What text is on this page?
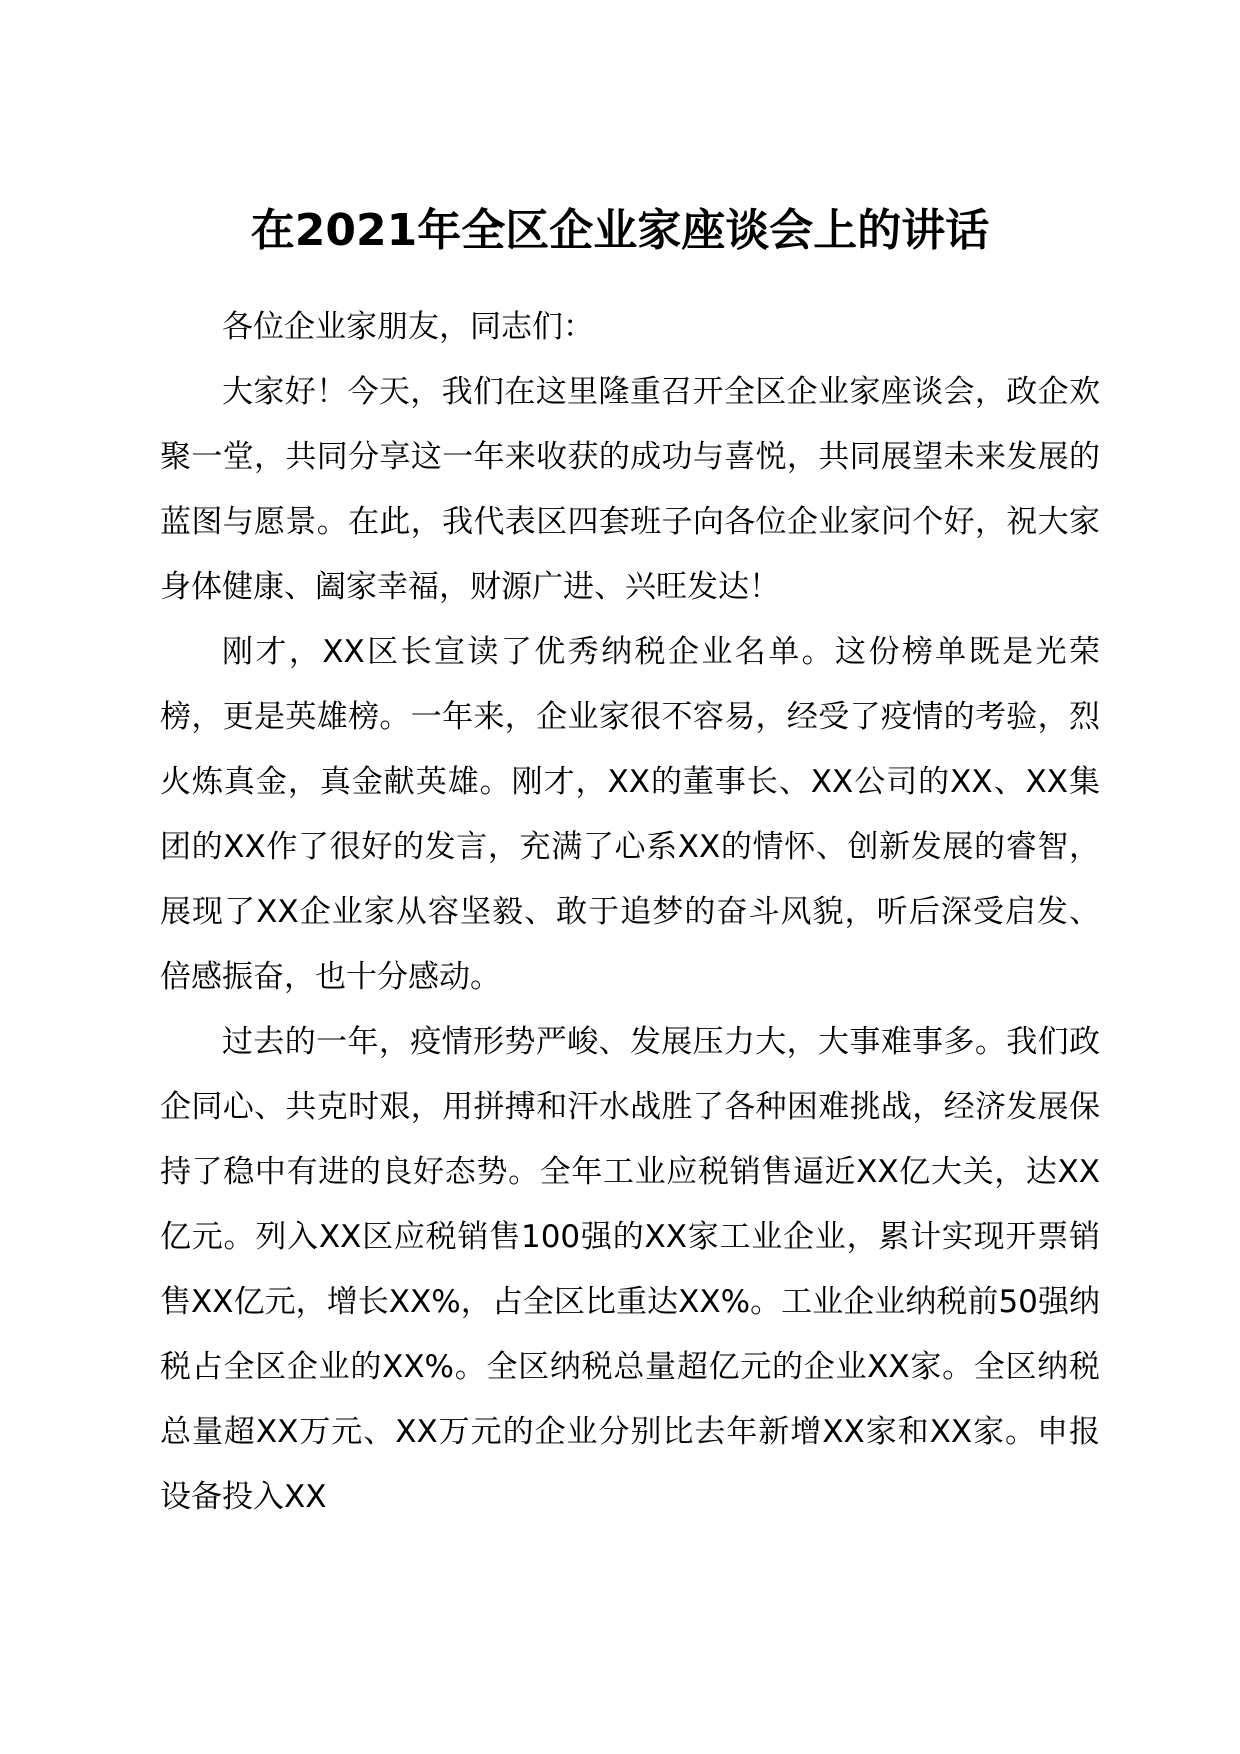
在2021年全区企业家座谈会上的讲话

各位企业家朋友，同志们：

大家好！今天，我们在这里隆重召开全区企业家座谈会，政企欢聚一堂，共同分享这一年来收获的成功与喜悦，共同展望未来发展的蓝图与愿景。在此，我代表区四套班子向各位企业家问个好，祝大家身体健康、阖家幸福，财源广进、兴旺发达！

刚才，XX区长宣读了优秀纳税企业名单。这份榜单既是光荣榜，更是英雄榜。一年来，企业家很不容易，经受了疫情的考验，烈火炼真金，真金献英雄。刚才，XX的董事长、XX公司的XX、XX集团的XX作了很好的发言，充满了心系XX的情怀、创新发展的睿智，展现了XX企业家从容坚毅、敢于追梦的奋斗风貌，听后深受启发、倍感振奋，也十分感动。

过去的一年，疫情形势严峻、发展压力大，大事难事多。我们政企同心、共克时艰，用拼搏和汗水战胜了各种困难挑战，经济发展保持了稳中有进的良好态势。全年工业应税销售逼近XX亿大关，达XX亿元。列入XX区应税销售100强的XX家工业企业，累计实现开票销售XX亿元，增长XX%，占全区比重达XX%。工业企业纳税前50强纳税占全区企业的XX%。全区纳税总量超亿元的企业XX家。全区纳税总量超XX万元、XX万元的企业分别比去年新增XX家和XX家。申报设备投入XX
